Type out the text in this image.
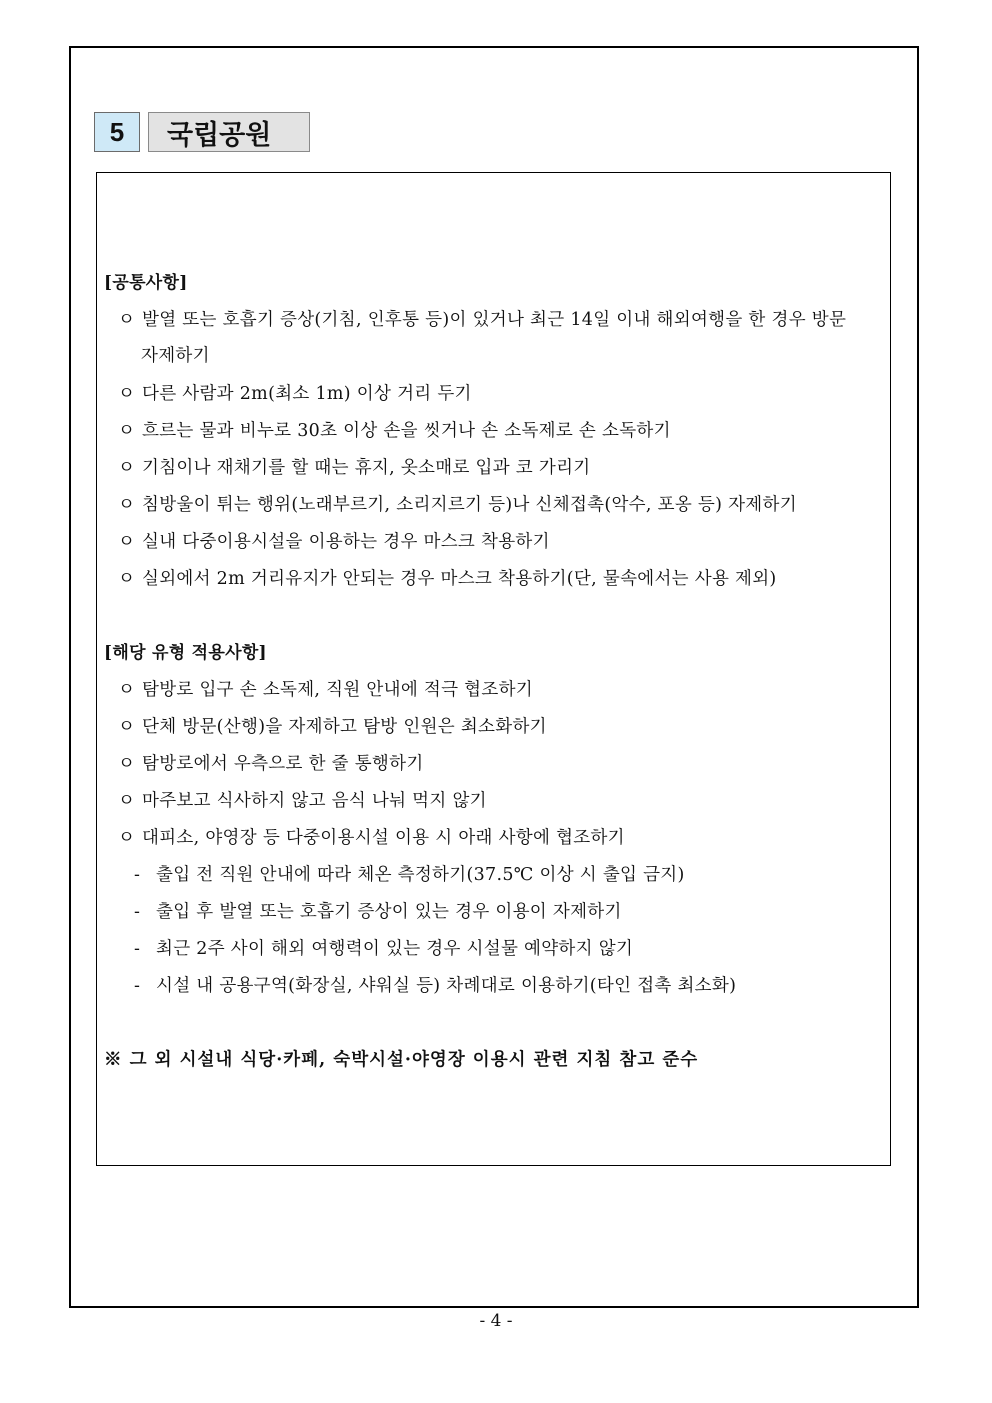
5	국립공원
[공통사항]
ㅇ 발열 또는 호흡기 증상(기침, 인후통 등)이 있거나 최근 14일 이내 해외여행을 한 경우 방문
자제하기
ㅇ 다른 사람과 2m(최소 1m) 이상 거리 두기
ㅇ 흐르는 물과 비누로 30초 이상 손을 씻거나 손 소독제로 손 소독하기
ㅇ 기침이나 재채기를 할 때는 휴지, 옷소매로 입과 코 가리기
ㅇ 침방울이 튀는 행위(노래부르기, 소리지르기 등)나 신체접촉(악수, 포옹 등) 자제하기
ㅇ 실내 다중이용시설을 이용하는 경우 마스크 착용하기
ㅇ 실외에서 2m 거리유지가 안되는 경우 마스크 착용하기(단, 물속에서는 사용 제외)
[해당 유형 적용사항]
ㅇ 탐방로 입구 손 소독제, 직원 안내에 적극 협조하기
ㅇ 단체 방문(산행)을 자제하고 탐방 인원은 최소화하기
ㅇ 탐방로에서 우측으로 한 줄 통행하기
ㅇ 마주보고 식사하지 않고 음식 나눠 먹지 않기
ㅇ 대피소, 야영장 등 다중이용시설 이용 시 아래 사항에 협조하기
- 출입 전 직원 안내에 따라 체온 측정하기(37.5℃ 이상 시 출입 금지)
- 출입 후 발열 또는 호흡기 증상이 있는 경우 이용이 자제하기
- 최근 2주 사이 해외 여행력이 있는 경우 시설물 예약하지 않기
- 시설 내 공용구역(화장실, 샤워실 등) 차례대로 이용하기(타인 접촉 최소화)
※ 그 외 시설내 식당·카페, 숙박시설·야영장 이용시 관련 지침 참고 준수
- 4 -
